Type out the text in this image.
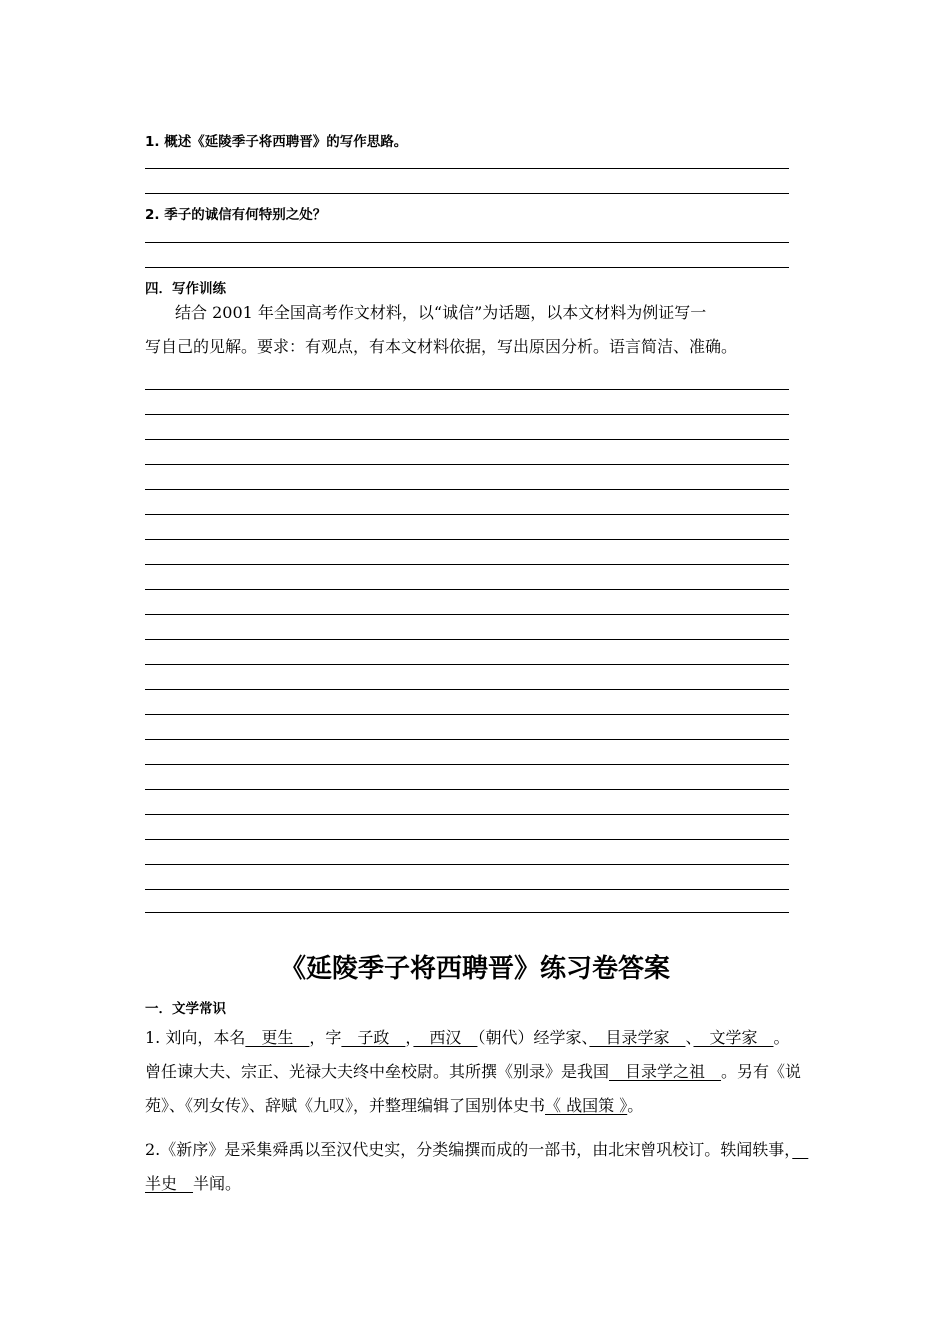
1. 概述《延陵季子将西聘晋》的写作思路。
2. 季子的诚信有何特别之处？
四．写作训练
结合 2001 年全国高考作文材料，以“诚信”为话题，以本文材料为例证写一
写自己的见解。要求：有观点，有本文材料依据，写出原因分析。语言简洁、准确。
《延陵季子将西聘晋》练习卷答案
一．文学常识
1. 刘向，本名　更生　，字　子政　，　西汉　（朝代）经学家、　目录学家　、　文学家　。
曾任谏大夫、宗正、光禄大夫终中垒校尉。其所撰《别录》是我国　目录学之祖　。另有《说
苑》、《列女传》、辞赋《九叹》，并整理编辑了国别体史书《 战国策 》。
2.《新序》是采集舜禹以至汉代史实，分类编撰而成的一部书，由北宋曾巩校订。轶闻轶事，　
半史　半闻。
